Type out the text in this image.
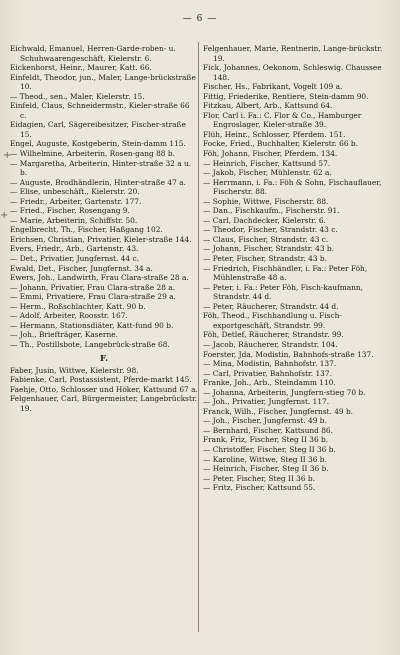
— 6 —

Eichwald, Emanuel, Herren-Garde-roben- u. Schuhwaarengeschäft, Kielerstr. 6.

Eickenhorst, Heinr., Maurer, Katt. 66.

Einfeldt, Theodor, jun., Maler, Lange-brückstraße 10.

— Theod., sen., Maler, Kielerstr. 15.

Einfeld, Claus, Schneidermstr., Kieler-straße 66 c.

Eidagien, Carl, Sägereibesitzer, Fischer-straße 15.

Engel, Auguste, Kostgeberin, Stein-damm 115.

— Wilhelmine, Arbeiterin, Rosen-gang 88 b.

— Margaretha, Arbeiterin, Hinter-straße 32 a u. b.

— Auguste, Brodhändlerin, Hinter-straße 47 a.

— Elise, unbeschäft., Kielerstr. 20.

— Friedr., Arbeiter, Gartenstr. 177.

— Fried., Fischer, Rosengang 9.

— Marie, Arbeiterin, Schiffstr. 50.

Engelbrecht, Th., Fischer, Haßgang 102.

Erichsen, Christian, Privatier, Kieler-straße 144.

Evers, Friedr., Arb., Gartenstr. 43.

— Det., Privatier, Jungfernst. 44 c.

Ewald, Det., Fischer, Jungfernst. 34 a.

Ewers, Joh., Landwirth, Frau Clara-straße 28 a.

— Johann, Privatier, Frau Clara-straße 28 a.

— Emmi, Privatiere, Frau Clara-straße 29 a.

— Herm., Roßschlachter, Katt. 90 b.

— Adolf, Arbeiter, Roosstr. 167.

— Hermann, Stationsdiäter, Katt-fund 90 b.

— Joh., Briefträger, Kaserne.

— Th., Postillsbote, Langebrück-straße 68.

F.

Faber, Jusin, Wittwe, Kielerstr. 98.

Fabienke, Carl, Postassistent, Pferde-markt 145.

Faehje, Otto, Schlosser und Höker, Kattsund 67 a.

Felgenhauer, Carl, Bürgermeister, Langebrückstr. 19.

Felgenhauer, Marie, Rentnerin, Lange-brückstr. 19.

Fick, Johannes, Oekonom, Schleswig. Chaussee 148.

Fischer, Hs., Fabrikant, Vogelt 109 a.

Fittig, Friederike, Rentiere, Stein-damm 90.

Fitzkau, Albert, Arb., Kattsund 64.

Flor, Carl i. Fa.: C. Flor & Co., Hamburger Engroslager, Kieler-straße 39.

Flüh, Heinr., Schlosser, Pferdem. 151.

Focke, Fried., Buchhalter, Kielerstr. 66 b.

Föh, Johann, Fischer, Pferdem. 134.

— Heinrich, Fischer, Kattsund 57.

— Jakob, Fischer, Mühlenstr. 62 a.

— Herrmann, i. Fa.: Föh & Sohn, Fischauflauer, Fischerstr. 88.

— Sophie, Wittwe, Fischerstr. 88.

— Dan., Fischkaufm., Fischerstr. 91.

— Carl, Dachdecker, Kielerstr. 6.

— Theodor, Fischer, Strandstr. 43 c.

— Claus, Fischer, Strandstr. 43 c.

— Johann, Fischer, Strandstr. 43 b.

— Peter, Fischer, Strandstr. 43 b.

— Friedrich, Fischhändler, i. Fa.: Peter Föh, Mühlenstraße 48 a.

— Peter, i. Fa.: Peter Föh, Fisch-kaufmann, Strandstr. 44 d.

— Peter, Räucherer, Strandstr. 44 d.

Föh, Theod., Fischhandlung u. Fisch-exportgeschäft, Strandstr. 99.

Föh, Detlef, Räucherer, Strandstr. 99.

— Jacob, Räucherer, Strandstr. 104.

Foerster, Jda, Modistin, Bahnhofs-straße 137.

— Mina, Modistin, Bahnhofstr. 137.

— Carl, Privatier, Bahnhofstr. 137.

Franke, Joh., Arb., Steindamm 110.

— Johanna, Arbeiterin, Jungfern-stieg 70 b.

— Joh., Privatier, Jungfernst. 117.

Franck, Wilh., Fischer, Jungfernst. 49 b.

— Joh., Fischer, Jungfernst. 49 b.

— Bernhard, Fischer, Kattsund 86.

Frank, Friz, Fischer, Steg II 36 b.

— Christoffer, Fischer, Steg II 36 b.

— Karoline, Wittwe, Steg II 36 b.

— Heinrich, Fischer, Steg II 36 b.

— Peter, Fischer, Steg II 36 b.

— Fritz, Fischer, Kattsund 55.

+
+
